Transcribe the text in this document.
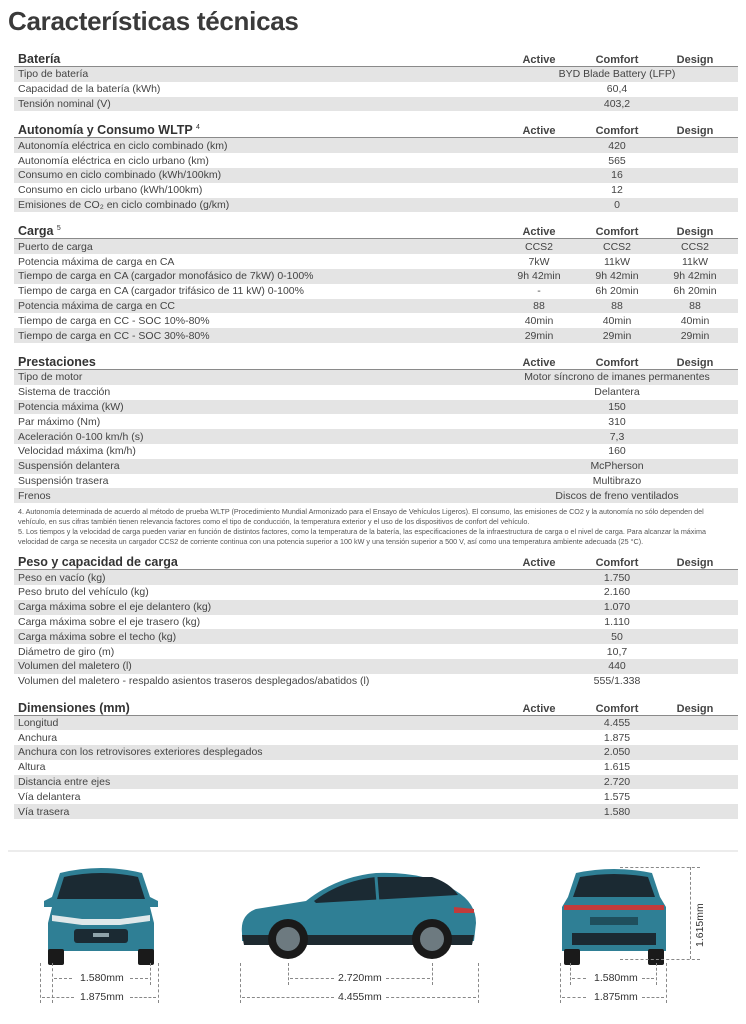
Características técnicas
Batería	Active	Comfort	Design
Tipo de batería	BYD Blade Battery (LFP)
Capacidad de la batería (kWh)	60,4
Tensión nominal (V)	403,2
Autonomía y Consumo WLTP $^4$	Active	Comfort	Design
Autonomía eléctrica en ciclo combinado (km)	420
Autonomía eléctrica en ciclo urbano (km)	565
Consumo en ciclo combinado (kWh/100km)	16
Consumo en ciclo urbano (kWh/100km)	12
Emisiones de CO₂ en ciclo combinado (g/km)	0
Carga $^5$	Active	Comfort	Design
Puerto de carga	CCS2	CCS2	CCS2
Potencia máxima de carga en CA	7kW	11kW	11kW
Tiempo de carga en CA (cargador monofásico de 7kW) 0-100%	9h 42min	9h 42min	9h 42min
Tiempo de carga en CA (cargador trifásico de 11 kW) 0-100%	-	6h 20min	6h 20min
Potencia máxima de carga en CC	88	88	88
Tiempo de carga en CC - SOC 10%-80%	40min	40min	40min
Tiempo de carga en CC - SOC 30%-80%	29min	29min	29min
Prestaciones	Active	Comfort	Design
Tipo de motor	Motor síncrono de imanes permanentes
Sistema de tracción	Delantera
Potencia máxima (kW)	150
Par máximo (Nm)	310
Aceleración 0-100 km/h (s)	7,3
Velocidad máxima (km/h)	160
Suspensión delantera	McPherson
Suspensión trasera	Multibrazo
Frenos	Discos de freno ventilados
4. Autonomía determinada de acuerdo al método de prueba WLTP (Procedimiento Mundial Armonizado para el Ensayo de Vehículos Ligeros). El consumo, las emisiones de CO2 y la autonomía no sólo dependen del vehículo, en sus cifras también tienen relevancia factores como el tipo de conducción, la temperatura exterior y el uso de los dispositivos de confort del vehículo.
5. Los tiempos y la velocidad de carga pueden variar en función de distintos factores, como la temperatura de la batería, las especificaciones de la infraestructura de carga o el nivel de carga. Para alcanzar la máxima velocidad de carga se necesita un cargador CCS2 de corriente continua con una potencia superior a 100 kW y una tensión superior a 500 V, así como una temperatura ambiente adecuada (25 °C).
Peso y capacidad de carga	Active	Comfort	Design
Peso en vacío (kg)	1.750
Peso bruto del vehículo (kg)	2.160
Carga máxima sobre el eje delantero (kg)	1.070
Carga máxima sobre el eje trasero (kg)	1.110
Carga máxima sobre el techo (kg)	50
Diámetro de giro (m)	10,7
Volumen del maletero (l)	440
Volumen del maletero - respaldo asientos traseros desplegados/abatidos (l)	555/1.338
Dimensiones (mm)	Active	Comfort	Design
Longitud	4.455
Anchura	1.875
Anchura con los retrovisores exteriores desplegados	2.050
Altura	1.615
Distancia entre ejes	2.720
Vía delantera	1.575
Vía trasera	1.580
1.580mm
1.875mm
2.720mm
4.455mm
1.580mm
1.875mm
1.615mm
